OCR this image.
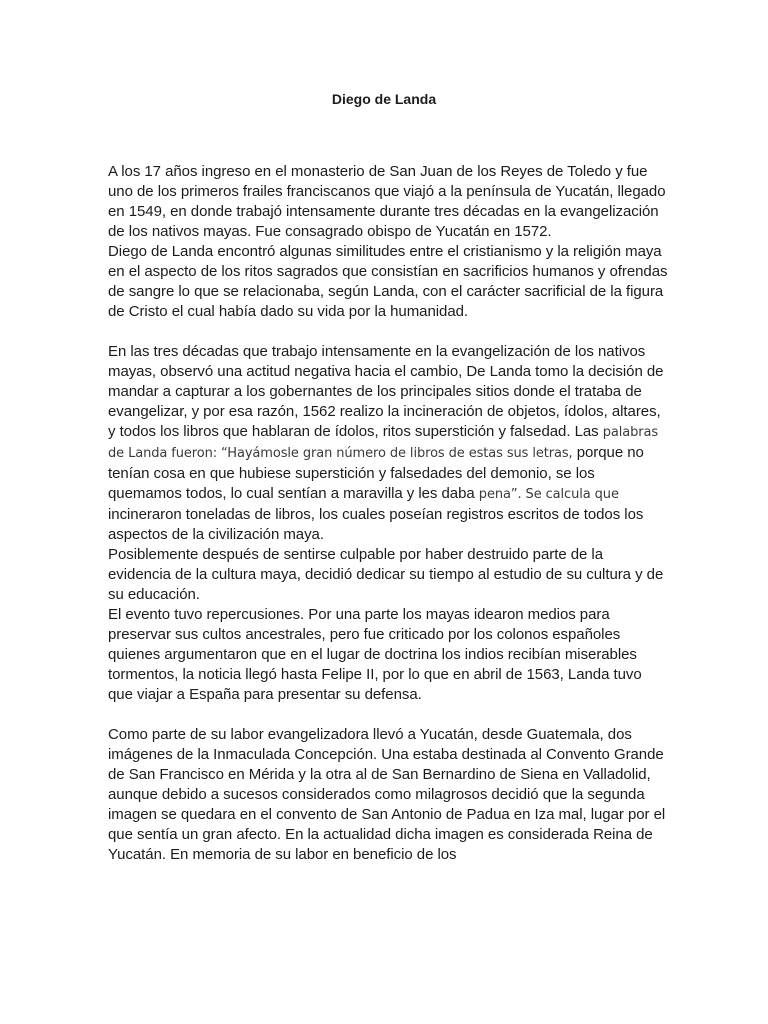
Diego de Landa

A los 17 años ingreso en el monasterio de San Juan de los Reyes de Toledo y fue uno de los primeros frailes franciscanos que viajó a la península de Yucatán, llegado en 1549, en donde trabajó intensamente durante tres décadas en la evangelización de los nativos mayas. Fue consagrado obispo de Yucatán en 1572.

Diego de Landa encontró algunas similitudes entre el cristianismo y la religión maya en el aspecto de los ritos sagrados que consistían en sacrificios humanos y ofrendas de sangre lo que se relacionaba, según Landa, con el carácter sacrificial de la figura de Cristo el cual había dado su vida por la humanidad.

En las tres décadas que trabajo intensamente en la evangelización de los nativos mayas, observó una actitud negativa hacia el cambio, De Landa tomo la decisión de mandar a capturar a los gobernantes de los principales sitios donde el trataba de evangelizar, y por esa razón, 1562 realizo la incineración de objetos, ídolos, altares, y todos los libros que hablaran de ídolos, ritos superstición y falsedad. Las palabras de Landa fueron: “Hayámosle gran número de libros de estas sus letras, porque no tenían cosa en que hubiese superstición y falsedades del demonio, se los quemamos todos, lo cual sentían a maravilla y les daba pena”. Se calcula que incineraron toneladas de libros, los cuales poseían registros escritos de todos los aspectos de la civilización maya.

Posiblemente después de sentirse culpable por haber destruido parte de la evidencia de la cultura maya, decidió dedicar su tiempo al estudio de su cultura y de su educación.

El evento tuvo repercusiones. Por una parte los mayas idearon medios para preservar sus cultos ancestrales, pero fue criticado por los colonos españoles quienes argumentaron que en el lugar de doctrina los indios recibían miserables tormentos, la noticia llegó hasta Felipe II, por lo que en abril de 1563, Landa tuvo que viajar a España para presentar su defensa.

Como parte de su labor evangelizadora llevó a Yucatán, desde Guatemala, dos imágenes de la Inmaculada Concepción. Una estaba destinada al Convento Grande de San Francisco en Mérida y la otra al de San Bernardino de Siena en Valladolid, aunque debido a sucesos considerados como milagrosos decidió que la segunda imagen se quedara en el convento de San Antonio de Padua en Iza mal, lugar por el que sentía un gran afecto. En la actualidad dicha imagen es considerada Reina de Yucatán. En memoria de su labor en beneficio de los
